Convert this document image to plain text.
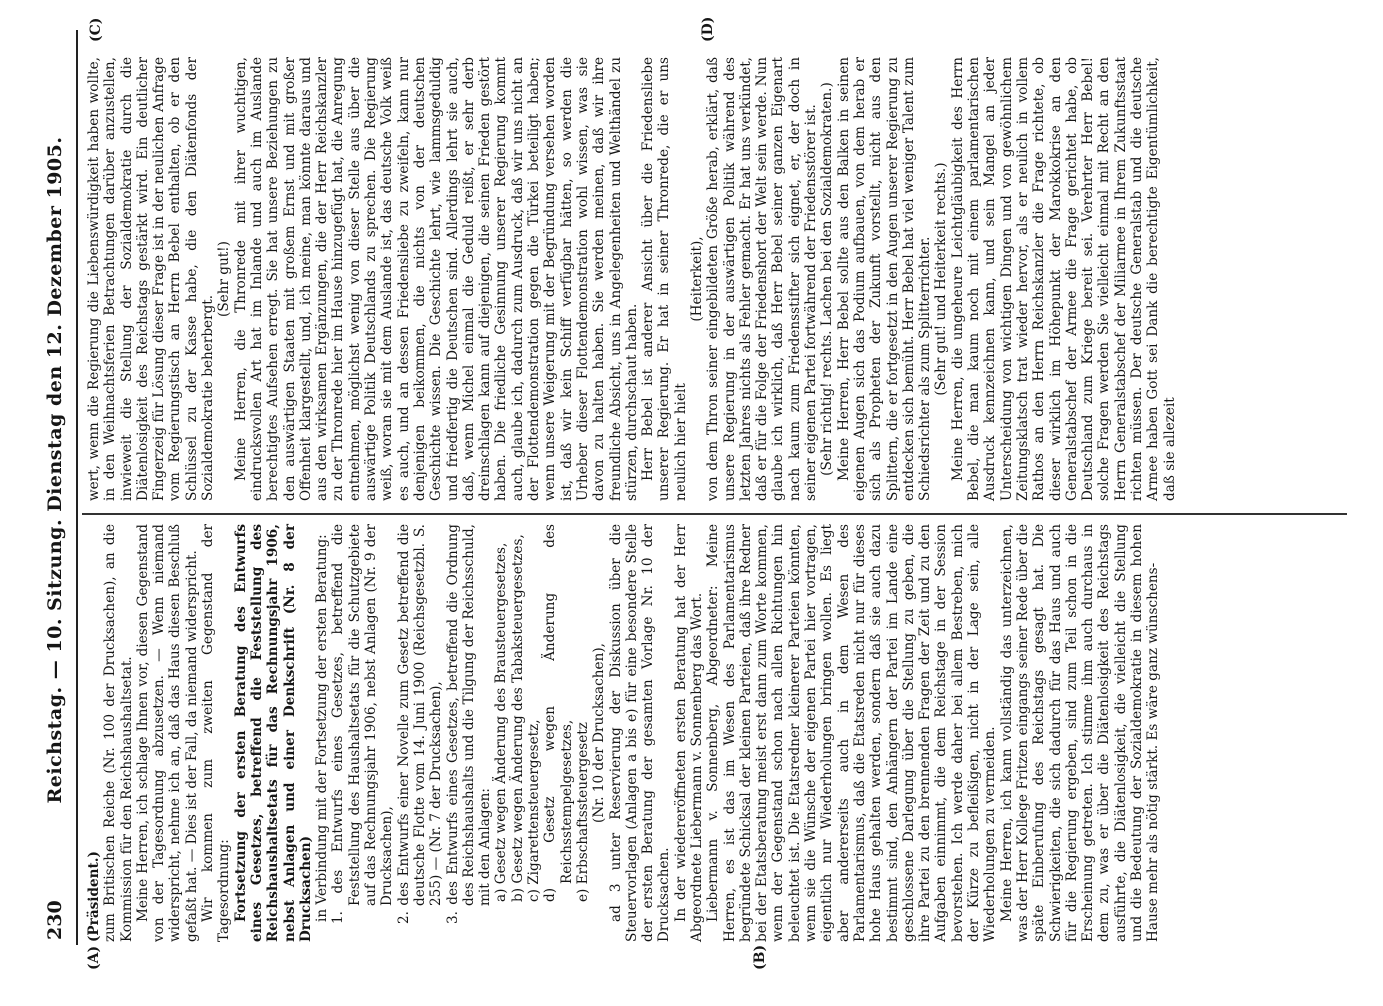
230
Reichstag. — 10. Sitzung. Dienstag den 12. Dezember 1905.
(A)	(B)
(C)	(D)

(Präsident.) zum Britischen Reiche (Nr. 100 der Drucksachen), an die Kommission für den Reichshaushaltsetat. Meine Herren, ich schlage Ihnen vor, diesen Gegenstand von der Tagesordnung abzusetzen. — Wenn niemand widerspricht, nehme ich an, daß das Haus diesen Beschluß gefaßt hat. — Dies ist der Fall, da niemand widerspricht. Wir kommen zum zweiten Gegenstand der Tagesordnung: Fortsetzung der ersten Beratung des Entwurfs eines Gesetzes, betreffend die Feststellung des Reichshaushaltsetats für das Rechnungsjahr 1906, nebst Anlagen und einer Denkschrift (Nr. 8 der Drucksachen) in Verbindung mit der Fortsetzung der ersten Beratung: 1. des Entwurfs eines Gesetzes, betreffend die Feststellung des Haushaltsetats für die Schutzgebiete auf das Rechnungsjahr 1906, nebst Anlagen (Nr. 9 der Drucksachen), 2. des Entwurfs einer Novelle zum Gesetz betreffend die deutsche Flotte vom 14. Juni 1900 (Reichsgesetzbl. S. 255) — (Nr. 7 der Drucksachen), 3. des Entwurfs eines Gesetzes, betreffend die Ordnung des Reichshaushalts und die Tilgung der Reichsschuld, mit den Anlagen: a) Gesetz wegen Änderung des Brausteuergesetzes, b) Gesetz wegen Änderung des Tabaksteuergesetzes, c) Zigarettensteuergesetz, d) Gesetz wegen Änderung des Reichsstempelgesetzes, e) Erbschaftssteuergesetz (Nr. 10 der Drucksachen), ad 3 unter Reservierung der Diskussion über die Steuervorlagen (Anlagen a bis e) für eine besondere Stelle der ersten Beratung der gesamten Vorlage Nr. 10 der Drucksachen. In der wiedereröffneten ersten Beratung hat der Herr Abgeordnete Liebermann v. Sonnenberg das Wort. Liebermann v. Sonnenberg, Abgeordneter: Meine Herren, es ist das im Wesen des Parlamentarismus begründete Schicksal der kleinen Parteien, daß ihre Redner bei der Etatsberatung meist erst dann zum Worte kommen, wenn der Gegenstand schon nach allen Richtungen hin beleuchtet ist. Die Etatsredner kleinerer Parteien könnten, wenn sie die Wünsche der eigenen Partei hier vortragen, eigentlich nur Wiederholungen bringen wollen. Es liegt aber andererseits auch in dem Wesen des Parlamentarismus, daß die Etatsreden nicht nur für dieses hohe Haus gehalten werden, sondern daß sie auch dazu bestimmt sind, den Anhängern der Partei im Lande eine geschlossene Darlegung über die Stellung zu geben, die ihre Partei zu den brennenden Fragen der Zeit und zu den Aufgaben einnimmt, die dem Reichstage in der Session bevorstehen. Ich werde daher bei allem Bestreben, mich der Kürze zu befleißigen, nicht in der Lage sein, alle Wiederholungen zu vermeiden. Meine Herren, ich kann vollständig das unterzeichnen, was der Herr Kollege Fritzen eingangs seiner Rede über die späte Einberufung des Reichstags gesagt hat. Die Schwierigkeiten, die sich dadurch für das Haus und auch für die Regierung ergeben, sind zum Teil schon in die Erscheinung getreten. Ich stimme ihm auch durchaus in dem zu, was er über die Diätenlosigkeit des Reichstags ausführte, die Diätenlosigkeit, die vielleicht die Stellung und die Bedeutung der Sozialdemokratie in diesem hohen Hause mehr als nötig stärkt. Es wäre ganz wünschens-

wert, wenn die Regierung die Liebenswürdigkeit haben wollte, in den Weihnachtsferien Betrachtungen darüber anzustellen, inwieweit die Stellung der Sozialdemokratie durch die Diätenlosigkeit des Reichstags gestärkt wird. Ein deutlicher Fingerzeig für Lösung dieser Frage ist in der neulichen Anfrage vom Regierungstisch an Herrn Bebel enthalten, ob er den Schlüssel zu der Kasse habe, die den Diätenfonds der Sozialdemokratie beherbergt.

(Sehr gut!) Meine Herren, die Thronrede mit ihrer wuchtigen, eindrucksvollen Art hat im Inlande und auch im Auslande berechtigtes Aufsehen erregt. Sie hat unsere Beziehungen zu den auswärtigen Staaten mit großem Ernst und mit großer Offenheit klargestellt, und, ich meine, man könnte daraus und aus den wirksamen Ergänzungen, die der Herr Reichskanzler zu der Thronrede hier im Hause hinzugefügt hat, die Anregung entnehmen, möglichst wenig von dieser Stelle aus über die auswärtige Politik Deutschlands zu sprechen. Die Regierung weiß, woran sie mit dem Auslande ist, das deutsche Volk weiß es auch, und an dessen Friedensliebe zu zweifeln, kann nur denjenigen beikommen, die nichts von der deutschen Geschichte wissen. Die Geschichte lehrt, wie lammsgeduldig und friedfertig die Deutschen sind. Allerdings lehrt sie auch, daß, wenn Michel einmal die Geduld reißt, er sehr derb dreinschlagen kann auf diejenigen, die seinen Frieden gestört haben. Die friedliche Gesinnung unserer Regierung kommt auch, glaube ich, dadurch zum Ausdruck, daß wir uns nicht an der Flottendemonstration gegen die Türkei beteiligt haben; wenn unsere Weigerung mit der Begründung versehen worden ist, daß wir kein Schiff verfügbar hätten, so werden die Urheber dieser Flottendemonstration wohl wissen, was sie davon zu halten haben. Sie werden meinen, daß wir ihre freundliche Absicht, uns in Angelegenheiten und Welthändel zu stürzen, durchschaut haben. Herr Bebel ist anderer Ansicht über die Friedensliebe unserer Regierung. Er hat in seiner Thronrede, die er uns neulich hier hielt

(Heiterkeit), von dem Thron seiner eingebildeten Größe herab, erklärt, daß unsere Regierung in der auswärtigen Politik während des letzten Jahres nichts als Fehler gemacht. Er hat uns verkündet, daß er für die Folge der Friedenshort der Welt sein werde. Nun glaube ich wirklich, daß Herr Bebel seiner ganzen Eigenart nach kaum zum Friedensstifter sich eignet, er, der doch in seiner eigenen Partei fortwährend der Friedensstörer ist. (Sehr richtig! rechts. Lachen bei den Sozialdemokraten.) Meine Herren, Herr Bebel sollte aus den Balken in seinen eigenen Augen sich das Podium aufbauen, von dem herab er sich als Propheten der Zukunft vorstellt, nicht aus den Splittern, die er fortgesetzt in den Augen unserer Regierung zu entdecken sich bemüht. Herr Bebel hat viel weniger Talent zum Schiedsrichter als zum Splitterrichter. (Sehr gut! und Heiterkeit rechts.) Meine Herren, die ungeheure Leichtgläubigkeit des Herrn Bebel, die man kaum noch mit einem parlamentarischen Ausdruck kennzeichnen kann, und sein Mangel an jeder Unterscheidung von wichtigen Dingen und von gewöhnlichem Zeitungsklatsch trat wieder hervor, als er neulich in vollem Rathos an den Herrn Reichskanzler die Frage richtete, ob dieser wirklich im Höhepunkt der Marokkokrise an den Generalstabschef der Armee die Frage gerichtet habe, ob Deutschland zum Kriege bereit sei. Verehrter Herr Bebel! solche Fragen werden Sie vielleicht einmal mit Recht an den Herrn Generalstabschef der Miliarmee in Ihrem Zukunftsstaat richten müssen. Der deutsche Generalstab und die deutsche Armee haben Gott sei Dank die berechtigte Eigentümlichkeit, daß sie allezeit
